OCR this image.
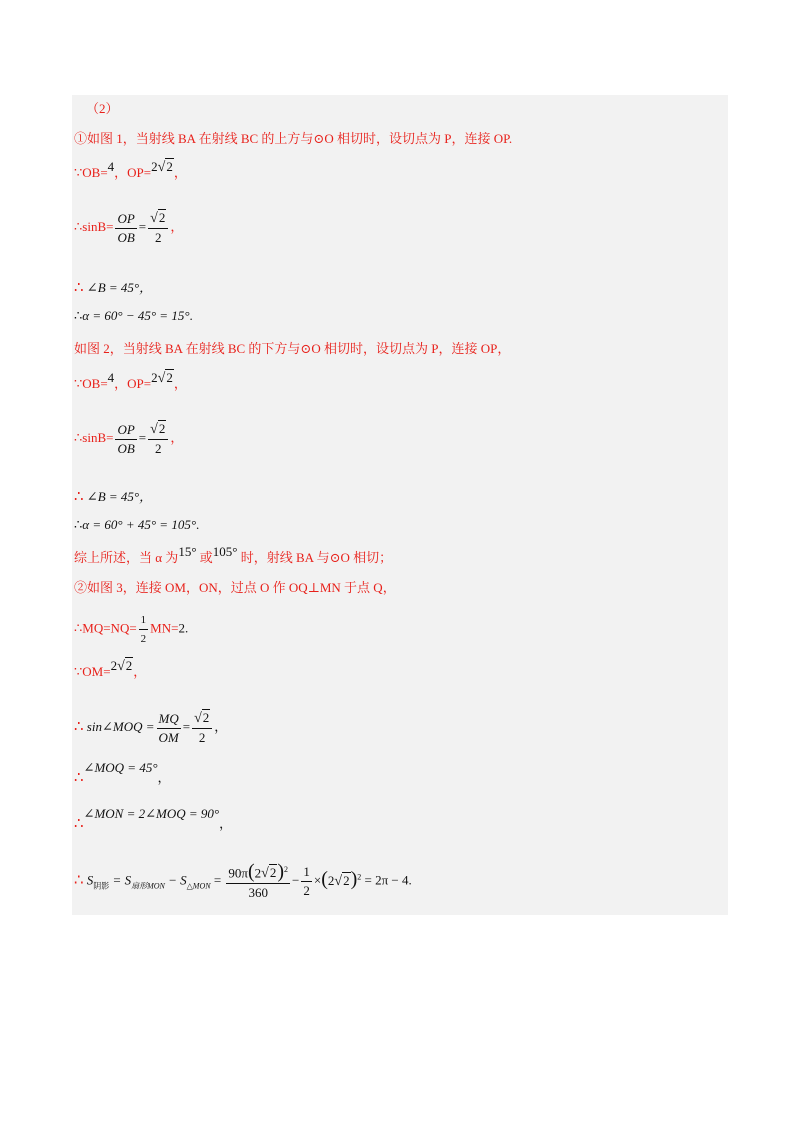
（2）
①如图 1，当射线 BA 在射线 BC 的上方与⊙O 相切时，设切点为 P，连接 OP.
∵OB=4，OP=2√2，
∴sinB= $\frac{OP}{OB} = \frac{√2}{2}$ ，
∴ ∠B = 45°，
∴α = 60° − 45° = 15°.
如图 2，当射线 BA 在射线 BC 的下方与⊙O 相切时，设切点为 P，连接 OP，
∵OB=4，OP=2√2，
∴sinB= $\frac{OP}{OB} = \frac{√2}{2}$ ，
∴ ∠B = 45°，
∴α = 60° + 45° = 105°.
综上所述，当 α 为15° 或105° 时，射线 BA 与⊙O 相切；
②如图 3，连接 OM，ON，过点 O 作 OQ⊥MN 于点 Q，
∴MQ=NQ= $\frac{1}{2} MN=2$.
∵OM=2√2，
∴ sin∠MOQ = $\frac{MQ}{OM} = \frac{√2}{2}$ ，
∴∠MOQ = 45°，
∴∠MON = 2∠MOQ = 90°，
∴ $S_{阴影} = S_{扇形MON} - S_{\triangle MON} = \frac{90\pi(2√2)^2}{360} - \frac{1}{2} \times(2√2)^2 = 2\pi - 4$.
